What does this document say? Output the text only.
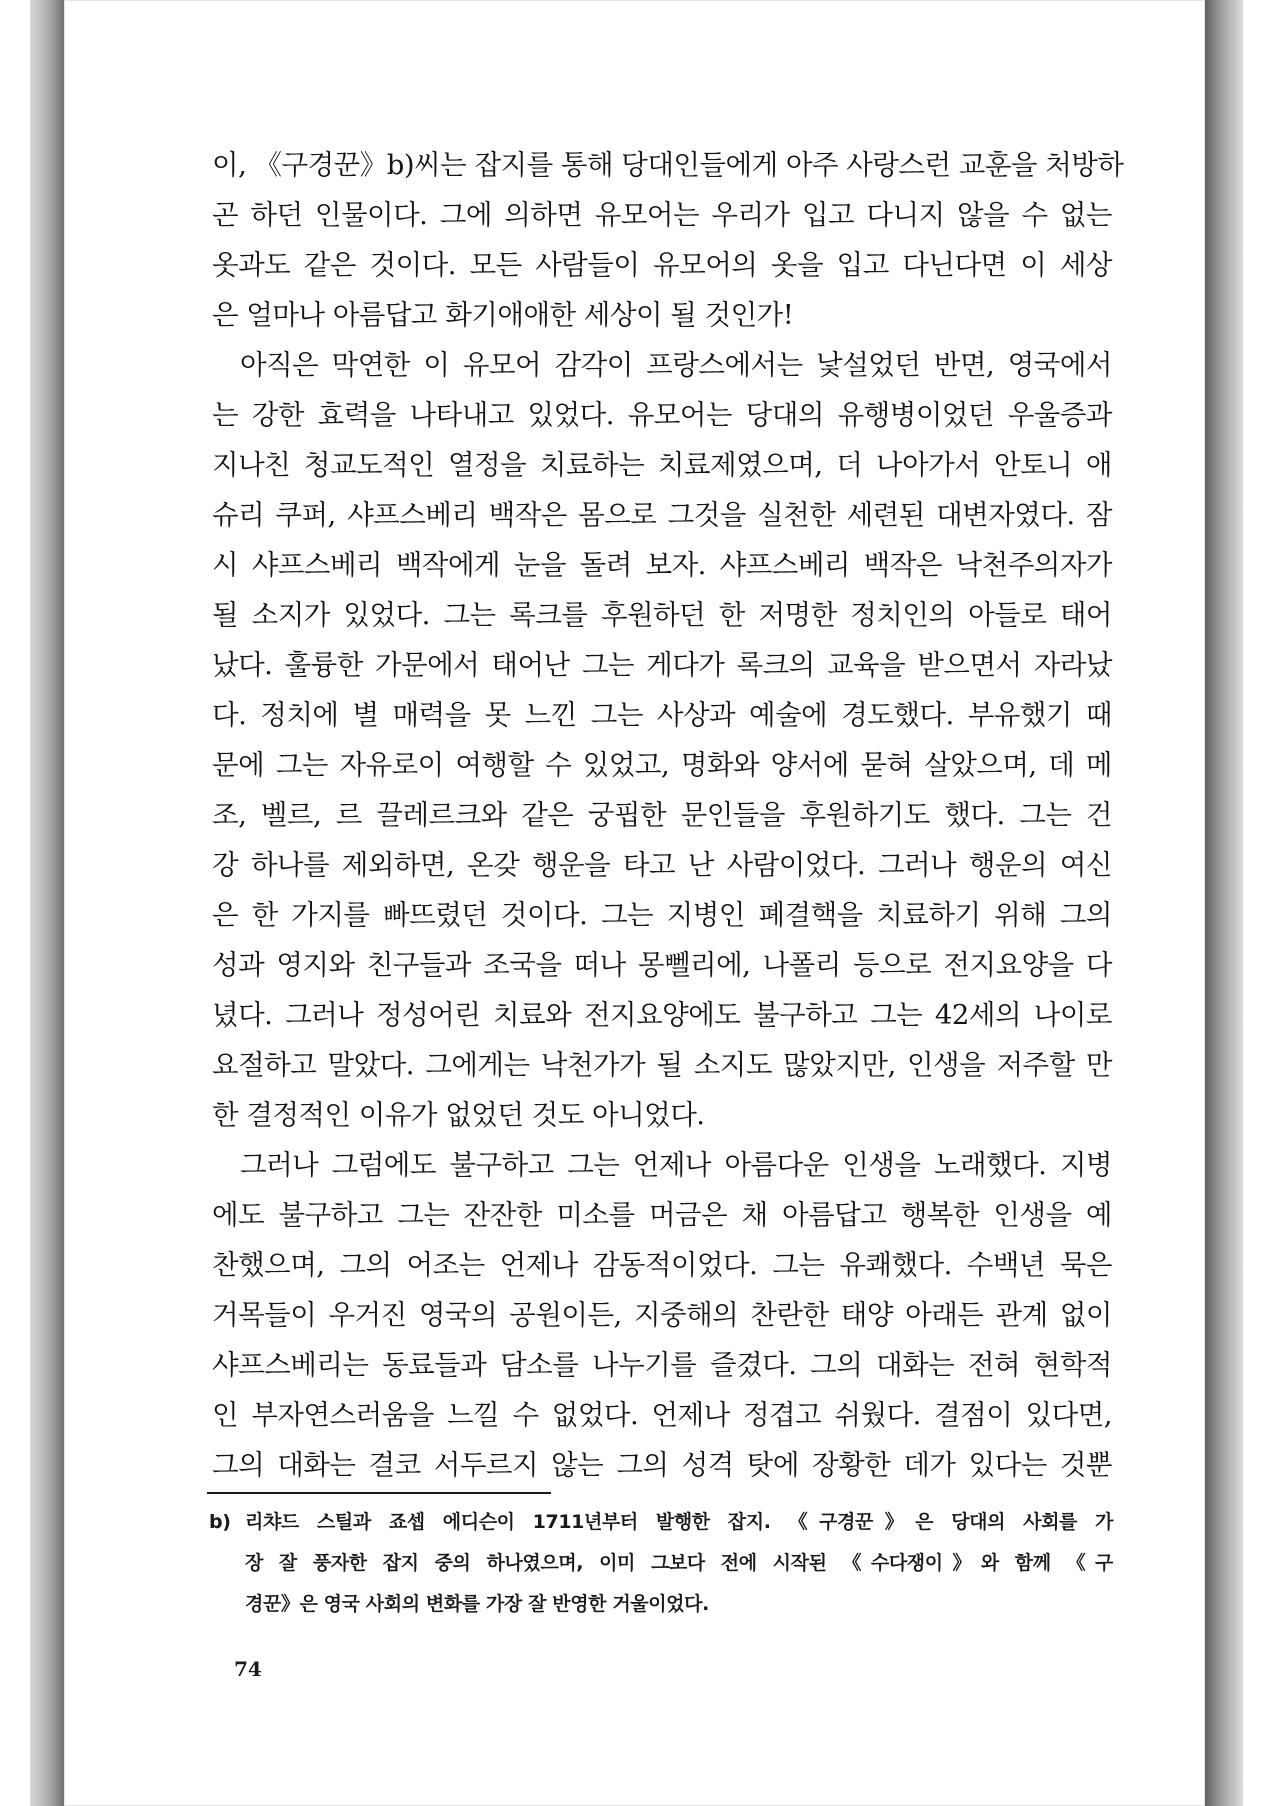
이, 《구경꾼》b)씨는 잡지를 통해 당대인들에게 아주 사랑스런 교훈을 처방하
곤 하던 인물이다. 그에 의하면 유모어는 우리가 입고 다니지 않을 수 없는
옷과도 같은 것이다. 모든 사람들이 유모어의 옷을 입고 다닌다면 이 세상
은 얼마나 아름답고 화기애애한 세상이 될 것인가!
아직은 막연한 이 유모어 감각이 프랑스에서는 낯설었던 반면, 영국에서
는 강한 효력을 나타내고 있었다. 유모어는 당대의 유행병이었던 우울증과
지나친 청교도적인 열정을 치료하는 치료제였으며, 더 나아가서 안토니 애
슈리 쿠퍼, 샤프스베리 백작은 몸으로 그것을 실천한 세련된 대변자였다. 잠
시 샤프스베리 백작에게 눈을 돌려 보자. 샤프스베리 백작은 낙천주의자가
될 소지가 있었다. 그는 록크를 후원하던 한 저명한 정치인의 아들로 태어
났다. 훌륭한 가문에서 태어난 그는 게다가 록크의 교육을 받으면서 자라났
다. 정치에 별 매력을 못 느낀 그는 사상과 예술에 경도했다. 부유했기 때
문에 그는 자유로이 여행할 수 있었고, 명화와 양서에 묻혀 살았으며, 데 메
조, 벨르, 르 끌레르크와 같은 궁핍한 문인들을 후원하기도 했다. 그는 건
강 하나를 제외하면, 온갖 행운을 타고 난 사람이었다. 그러나 행운의 여신
은 한 가지를 빠뜨렸던 것이다. 그는 지병인 폐결핵을 치료하기 위해 그의
성과 영지와 친구들과 조국을 떠나 몽뻴리에, 나폴리 등으로 전지요양을 다
녔다. 그러나 정성어린 치료와 전지요양에도 불구하고 그는 42세의 나이로
요절하고 말았다. 그에게는 낙천가가 될 소지도 많았지만, 인생을 저주할 만
한 결정적인 이유가 없었던 것도 아니었다.
그러나 그럼에도 불구하고 그는 언제나 아름다운 인생을 노래했다. 지병
에도 불구하고 그는 잔잔한 미소를 머금은 채 아름답고 행복한 인생을 예
찬했으며, 그의 어조는 언제나 감동적이었다. 그는 유쾌했다. 수백년 묵은
거목들이 우거진 영국의 공원이든, 지중해의 찬란한 태양 아래든 관계 없이
샤프스베리는 동료들과 담소를 나누기를 즐겼다. 그의 대화는 전혀 현학적
인 부자연스러움을 느낄 수 없었다. 언제나 정겹고 쉬웠다. 결점이 있다면,
그의 대화는 결코 서두르지 않는 그의 성격 탓에 장황한 데가 있다는 것뿐
b) 리챠드 스틸과 죠셉 에디슨이 1711년부터 발행한 잡지. 《구경꾼》은 당대의 사회를 가
장 잘 풍자한 잡지 중의 하나였으며, 이미 그보다 전에 시작된 《수다쟁이》와 함께 《구
경꾼》은 영국 사회의 변화를 가장 잘 반영한 거울이었다.
74
